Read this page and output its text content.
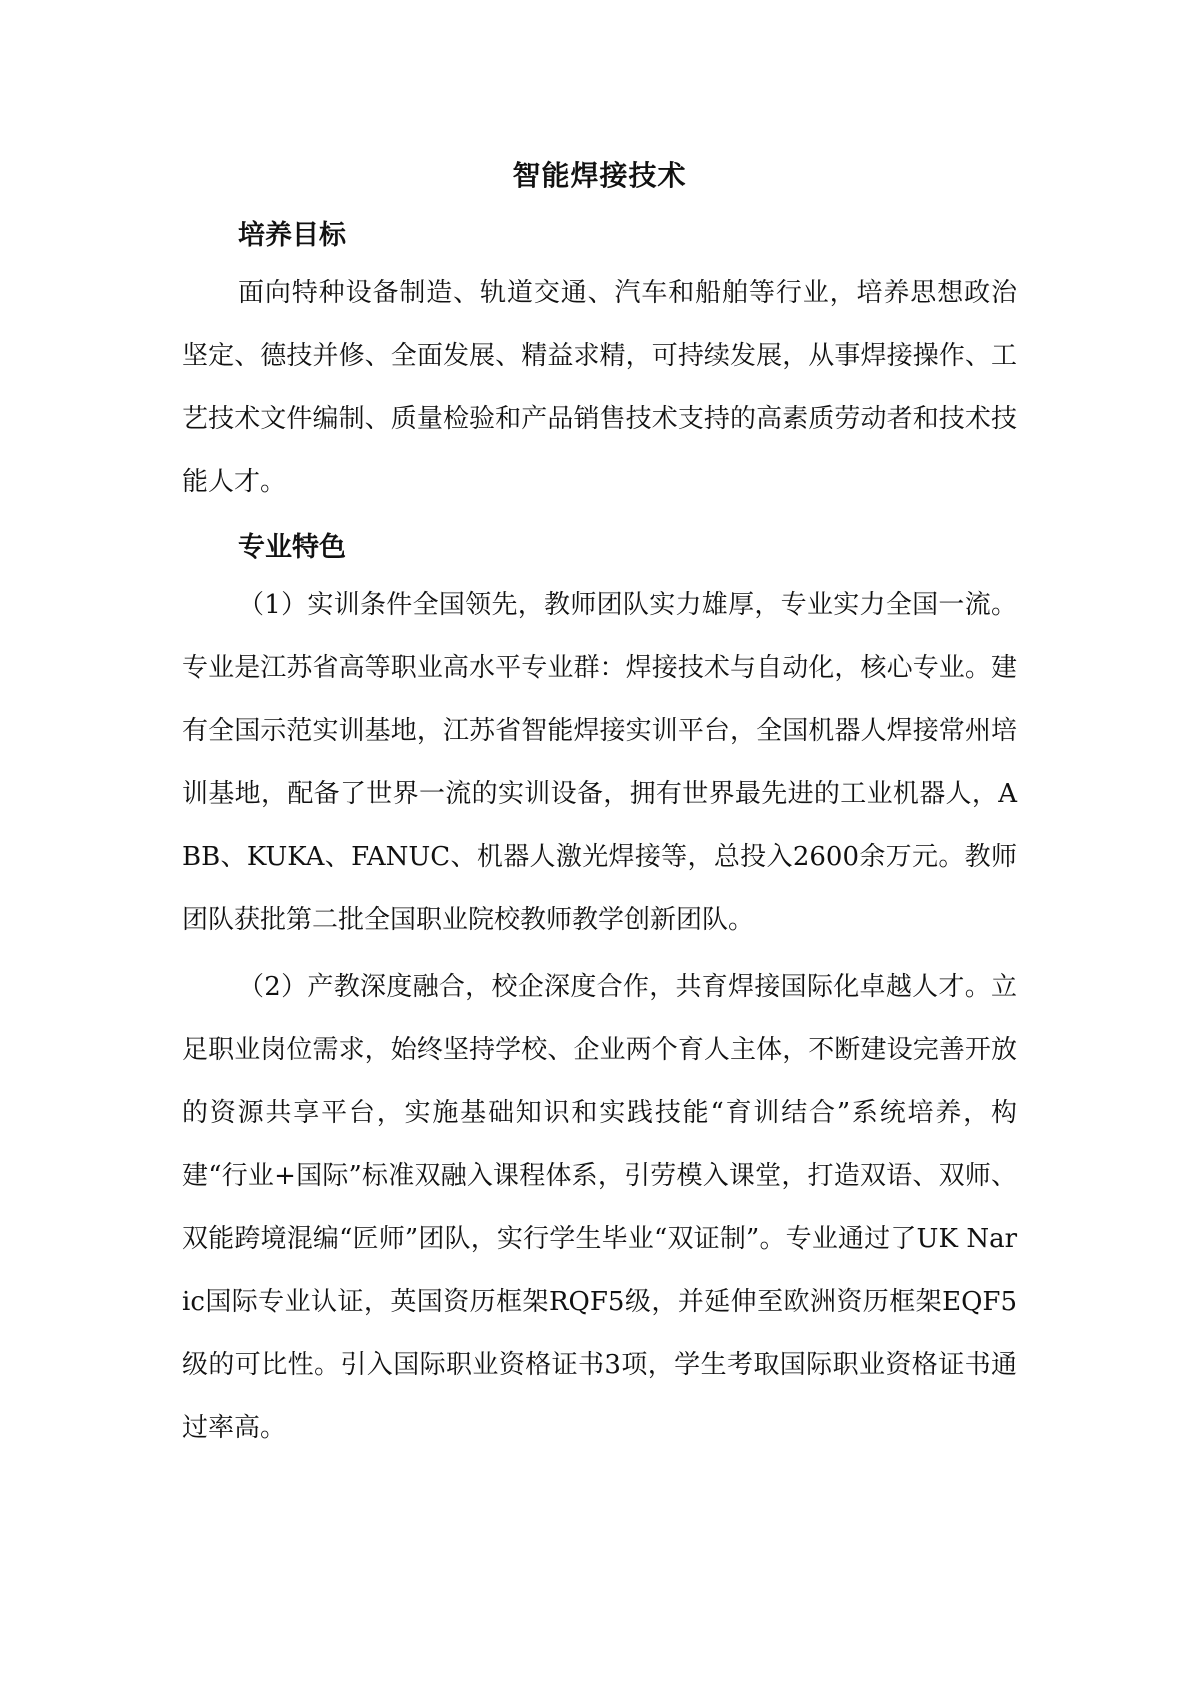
智能焊接技术
培养目标

面向特种设备制造、轨道交通、汽车和船舶等行业，培养思想政治坚定、德技并修、全面发展、精益求精，可持续发展，从事焊接操作、工艺技术文件编制、质量检验和产品销售技术支持的高素质劳动者和技术技能人才。

专业特色

（1）实训条件全国领先，教师团队实力雄厚，专业实力全国一流。专业是江苏省高等职业高水平专业群：焊接技术与自动化，核心专业。建有全国示范实训基地，江苏省智能焊接实训平台，全国机器人焊接常州培训基地，配备了世界一流的实训设备，拥有世界最先进的工业机器人，ABB、KUKA、FANUC、机器人激光焊接等，总投入2600余万元。教师团队获批第二批全国职业院校教师教学创新团队。

（2）产教深度融合，校企深度合作，共育焊接国际化卓越人才。立足职业岗位需求，始终坚持学校、企业两个育人主体，不断建设完善开放的资源共享平台，实施基础知识和实践技能“育训结合”系统培养，构建“行业+国际”标准双融入课程体系，引劳模入课堂，打造双语、双师、双能跨境混编“匠师”团队，实行学生毕业“双证制”。专业通过了UK Naric国际专业认证，英国资历框架RQF5级，并延伸至欧洲资历框架EQF5级的可比性。引入国际职业资格证书3项，学生考取国际职业资格证书通过率高。
